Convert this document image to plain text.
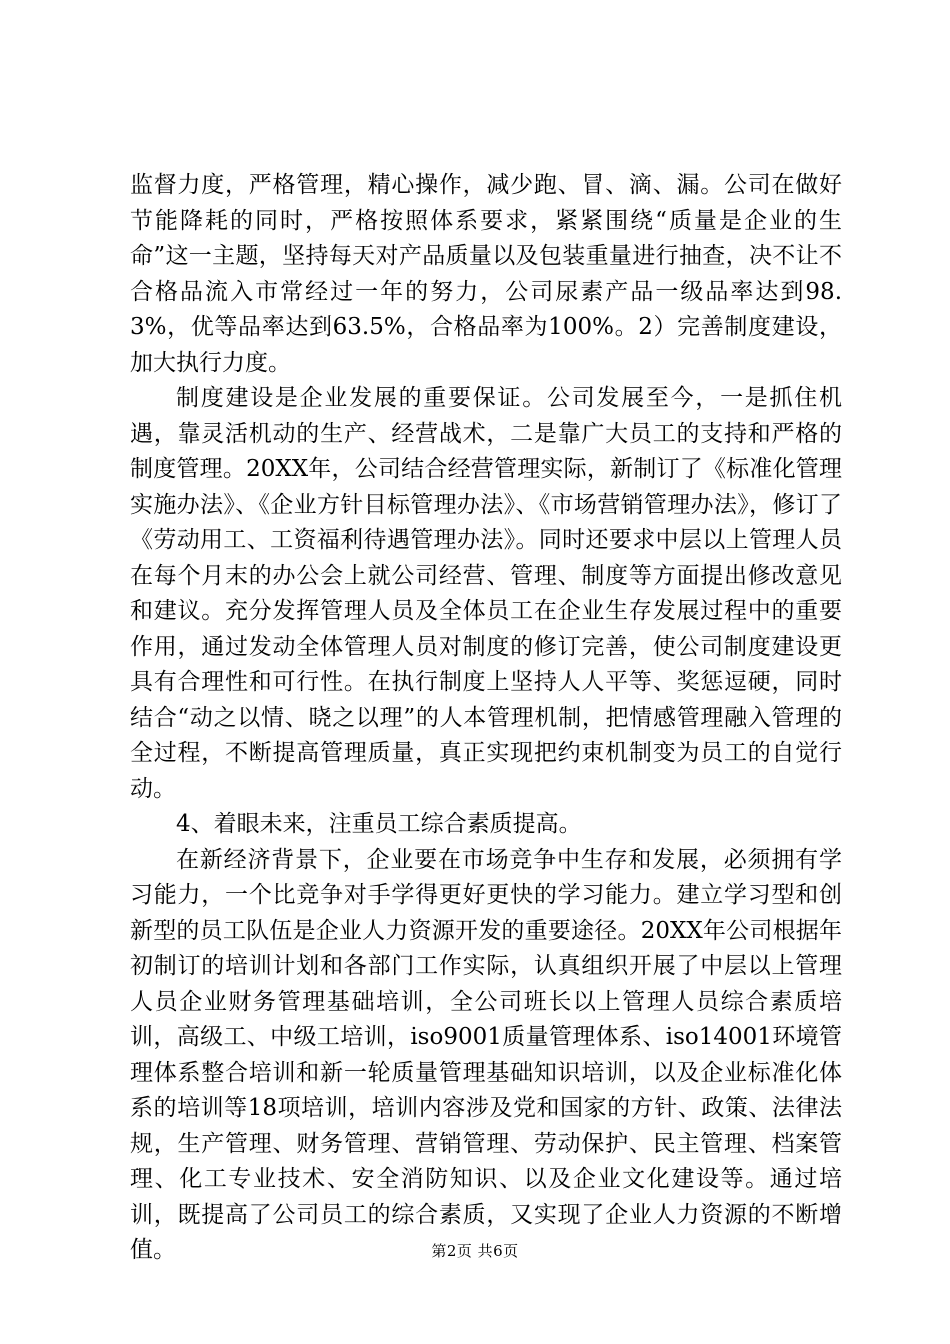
监督力度，严格管理，精心操作，减少跑、冒、滴、漏。公司在做好节能降耗的同时，严格按照体系要求，紧紧围绕“质量是企业的生命”这一主题，坚持每天对产品质量以及包装重量进行抽查，决不让不合格品流入市常经过一年的努力，公司尿素产品一级品率达到98.3%，优等品率达到63.5%，合格品率为100%。2）完善制度建设，加大执行力度。

制度建设是企业发展的重要保证。公司发展至今，一是抓住机遇，靠灵活机动的生产、经营战术，二是靠广大员工的支持和严格的制度管理。20XX年，公司结合经营管理实际，新制订了《标准化管理实施办法》、《企业方针目标管理办法》、《市场营销管理办法》，修订了《劳动用工、工资福利待遇管理办法》。同时还要求中层以上管理人员在每个月末的办公会上就公司经营、管理、制度等方面提出修改意见和建议。充分发挥管理人员及全体员工在企业生存发展过程中的重要作用，通过发动全体管理人员对制度的修订完善，使公司制度建设更具有合理性和可行性。在执行制度上坚持人人平等、奖惩逗硬，同时结合“动之以情、晓之以理”的人本管理机制，把情感管理融入管理的全过程，不断提高管理质量，真正实现把约束机制变为员工的自觉行动。

4、着眼未来，注重员工综合素质提高。

在新经济背景下，企业要在市场竞争中生存和发展，必须拥有学习能力，一个比竞争对手学得更好更快的学习能力。建立学习型和创新型的员工队伍是企业人力资源开发的重要途径。20XX年公司根据年初制订的培训计划和各部门工作实际，认真组织开展了中层以上管理人员企业财务管理基础培训，全公司班长以上管理人员综合素质培训，高级工、中级工培训，iso9001质量管理体系、iso14001环境管理体系整合培训和新一轮质量管理基础知识培训，以及企业标准化体系的培训等18项培训，培训内容涉及党和国家的方针、政策、法律法规，生产管理、财务管理、营销管理、劳动保护、民主管理、档案管理、化工专业技术、安全消防知识、以及企业文化建设等。通过培训，既提高了公司员工的综合素质，又实现了企业人力资源的不断增值。	第2页 共6页
